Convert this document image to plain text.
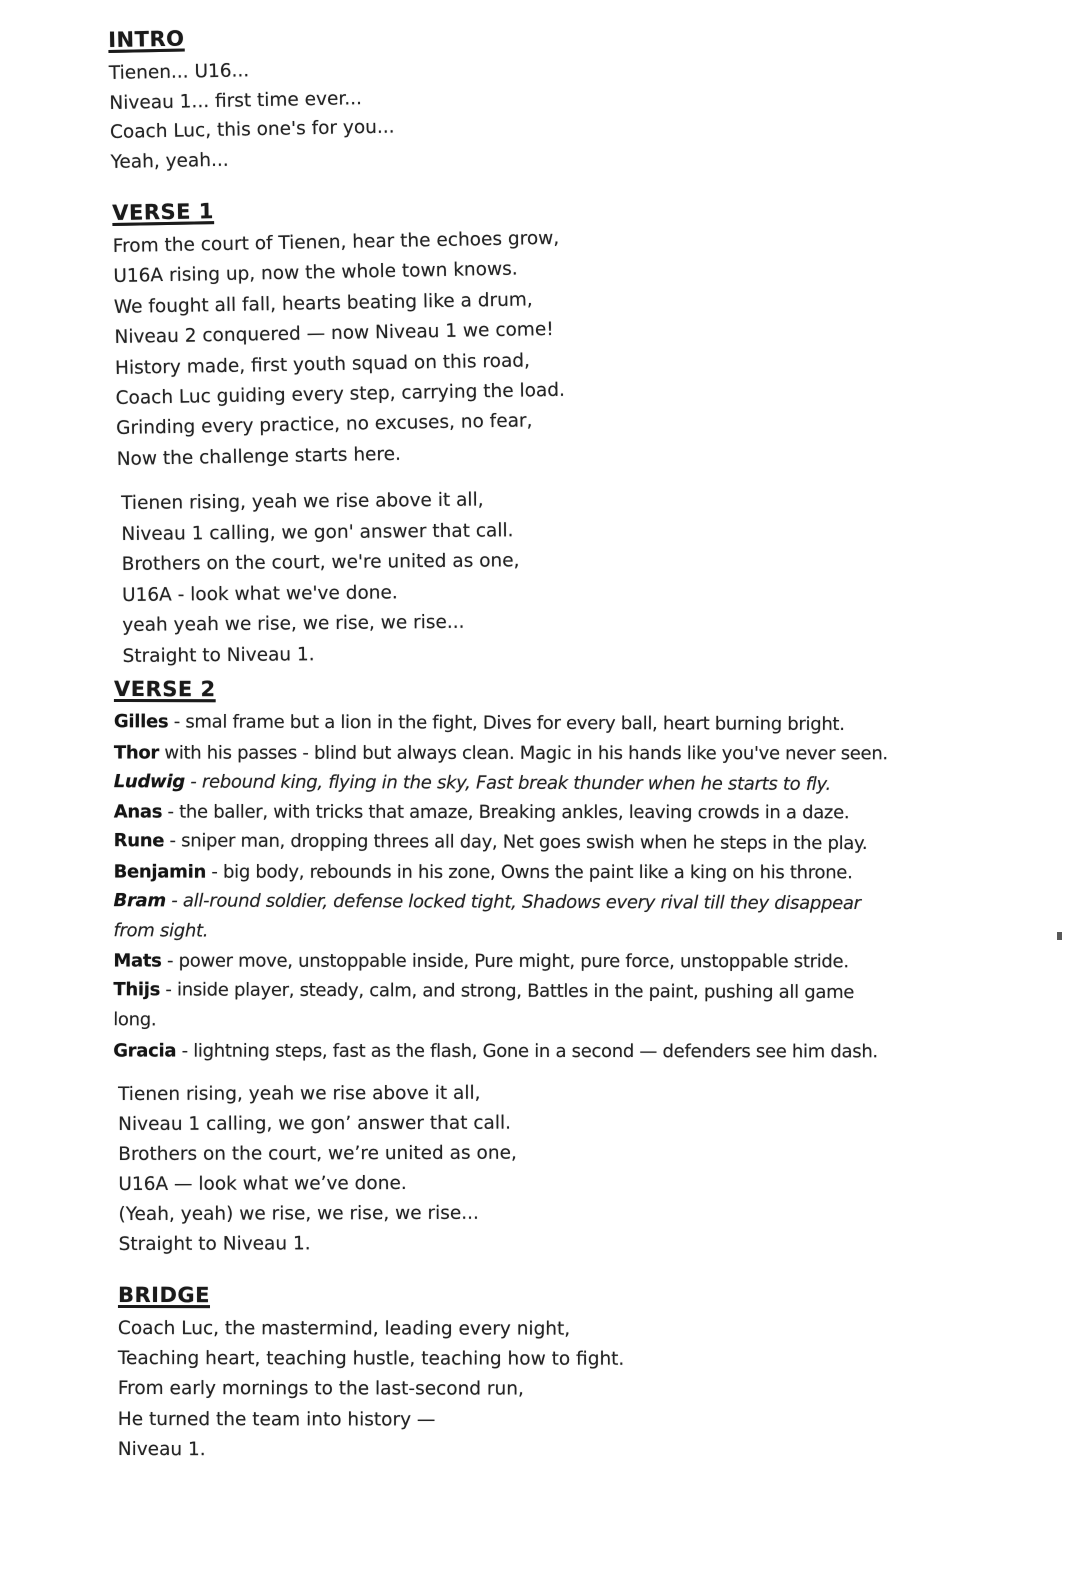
INTRO

Tienen... U16...

Niveau 1... first time ever...

Coach Luc, this one's for you...

Yeah, yeah...

VERSE 1

From the court of Tienen, hear the echoes grow,

U16A rising up, now the whole town knows.

We fought all fall, hearts beating like a drum,

Niveau 2 conquered — now Niveau 1 we come!

History made, first youth squad on this road,

Coach Luc guiding every step, carrying the load.

Grinding every practice, no excuses, no fear,

Now the challenge starts here.

Tienen rising, yeah we rise above it all,

Niveau 1 calling, we gon' answer that call.

Brothers on the court, we're united as one,

U16A - look what we've done.

yeah yeah we rise, we rise, we rise...

Straight to Niveau 1.

VERSE 2

Gilles - smal frame but a lion in the fight, Dives for every ball, heart burning bright.

Thor with his passes - blind but always clean. Magic in his hands like you've never seen.

Ludwig - rebound king, flying in the sky, Fast break thunder when he starts to fly.

Anas - the baller, with tricks that amaze, Breaking ankles, leaving crowds in a daze.

Rune - sniper man, dropping threes all day, Net goes swish when he steps in the play.

Benjamin - big body, rebounds in his zone, Owns the paint like a king on his throne.

Bram - all-round soldier, defense locked tight, Shadows every rival till they disappear
from sight.

Mats - power move, unstoppable inside, Pure might, pure force, unstoppable stride.

Thijs - inside player, steady, calm, and strong, Battles in the paint, pushing all game
long.

Gracia - lightning steps, fast as the flash, Gone in a second — defenders see him dash.

Tienen rising, yeah we rise above it all,

Niveau 1 calling, we gon’ answer that call.

Brothers on the court, we’re united as one,

U16A — look what we’ve done.

(Yeah, yeah) we rise, we rise, we rise...

Straight to Niveau 1.

BRIDGE

Coach Luc, the mastermind, leading every night,

Teaching heart, teaching hustle, teaching how to fight.

From early mornings to the last-second run,

He turned the team into history —

Niveau 1.
